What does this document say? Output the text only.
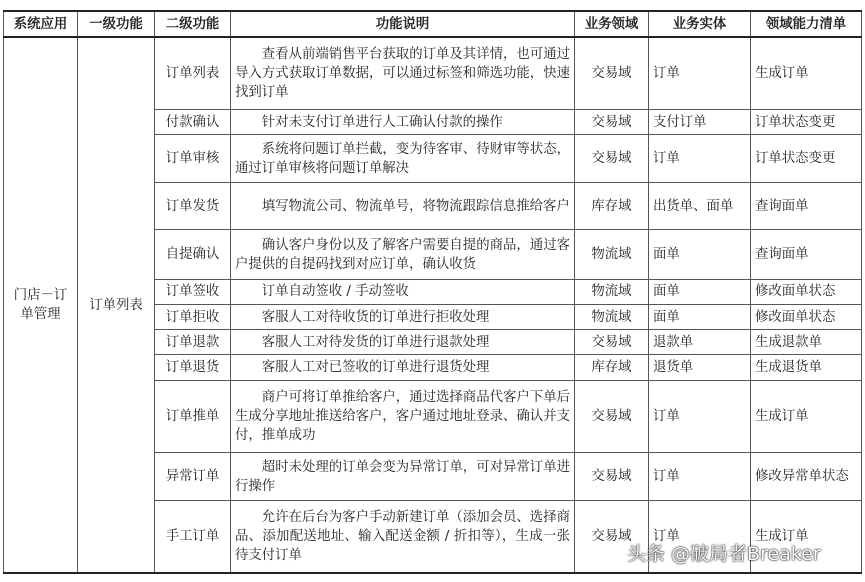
系统应用	一级功能	二级功能	功能说明	业务领域	业务实体	领域能力清单
门店－订单管理	订单列表	订单列表	查看从前端销售平台获取的订单及其详情，也可通过导入方式获取订单数据，可以通过标签和筛选功能，快速找到订单	交易域	订单	生成订单
		付款确认	针对未支付订单进行人工确认付款的操作	交易域	支付订单	订单状态变更
		订单审核	系统将问题订单拦截，变为待客审、待财审等状态，通过订单审核将问题订单解决	交易域	订单	订单状态变更
		订单发货	填写物流公司、物流单号，将物流跟踪信息推给客户	库存域	出货单、面单	查询面单
		自提确认	确认客户身份以及了解客户需要自提的商品，通过客户提供的自提码找到对应订单，确认收货	物流域	面单	查询面单
		订单签收	订单自动签收 / 手动签收	物流域	面单	修改面单状态
		订单拒收	客服人工对待收货的订单进行拒收处理	物流域	面单	修改面单状态
		订单退款	客服人工对待发货的订单进行退款处理	交易域	退款单	生成退款单
		订单退货	客服人工对已签收的订单进行退货处理	库存域	退货单	生成退货单
		订单推单	商户可将订单推给客户，通过选择商品代客户下单后生成分享地址推送给客户，客户通过地址登录、确认并支付，推单成功	交易域	订单	生成订单
		异常订单	超时未处理的订单会变为异常订单，可对异常订单进行操作	交易域	订单	修改异常单状态
		手工订单	允许在后台为客户手动新建订单（添加会员、选择商品、添加配送地址、输入配送金额 / 折扣等），生成一张待支付订单	交易域	订单	生成订单
头条 @破局者Breaker
